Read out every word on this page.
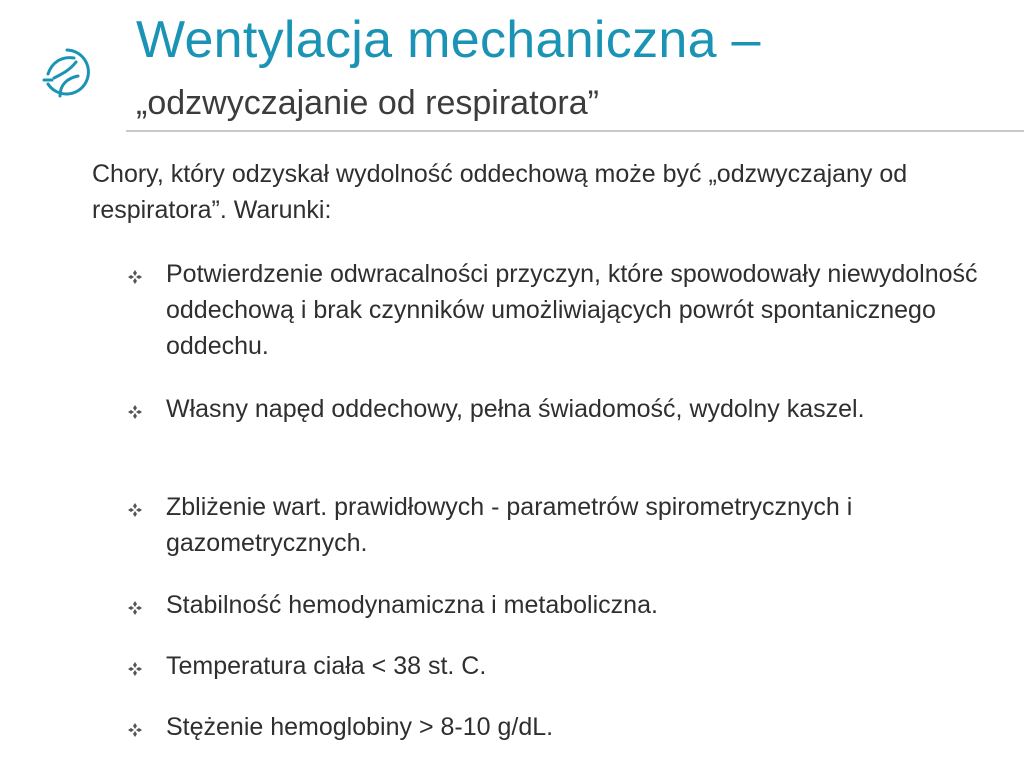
Wentylacja mechaniczna –
„odzwyczajanie od respiratora”

Chory, który odzyskał wydolność oddechową może być „odzwyczajany od respiratora”. Warunki:

Potwierdzenie odwracalności przyczyn, które spowodowały niewydolność oddechową i brak czynników umożliwiających powrót spontanicznego oddechu.
Własny napęd oddechowy, pełna świadomość, wydolny kaszel.
Zbliżenie wart. prawidłowych - parametrów spirometrycznych i gazometrycznych.
Stabilność hemodynamiczna i metaboliczna.
Temperatura ciała < 38 st. C.
Stężenie hemoglobiny > 8-10 g/dL.
